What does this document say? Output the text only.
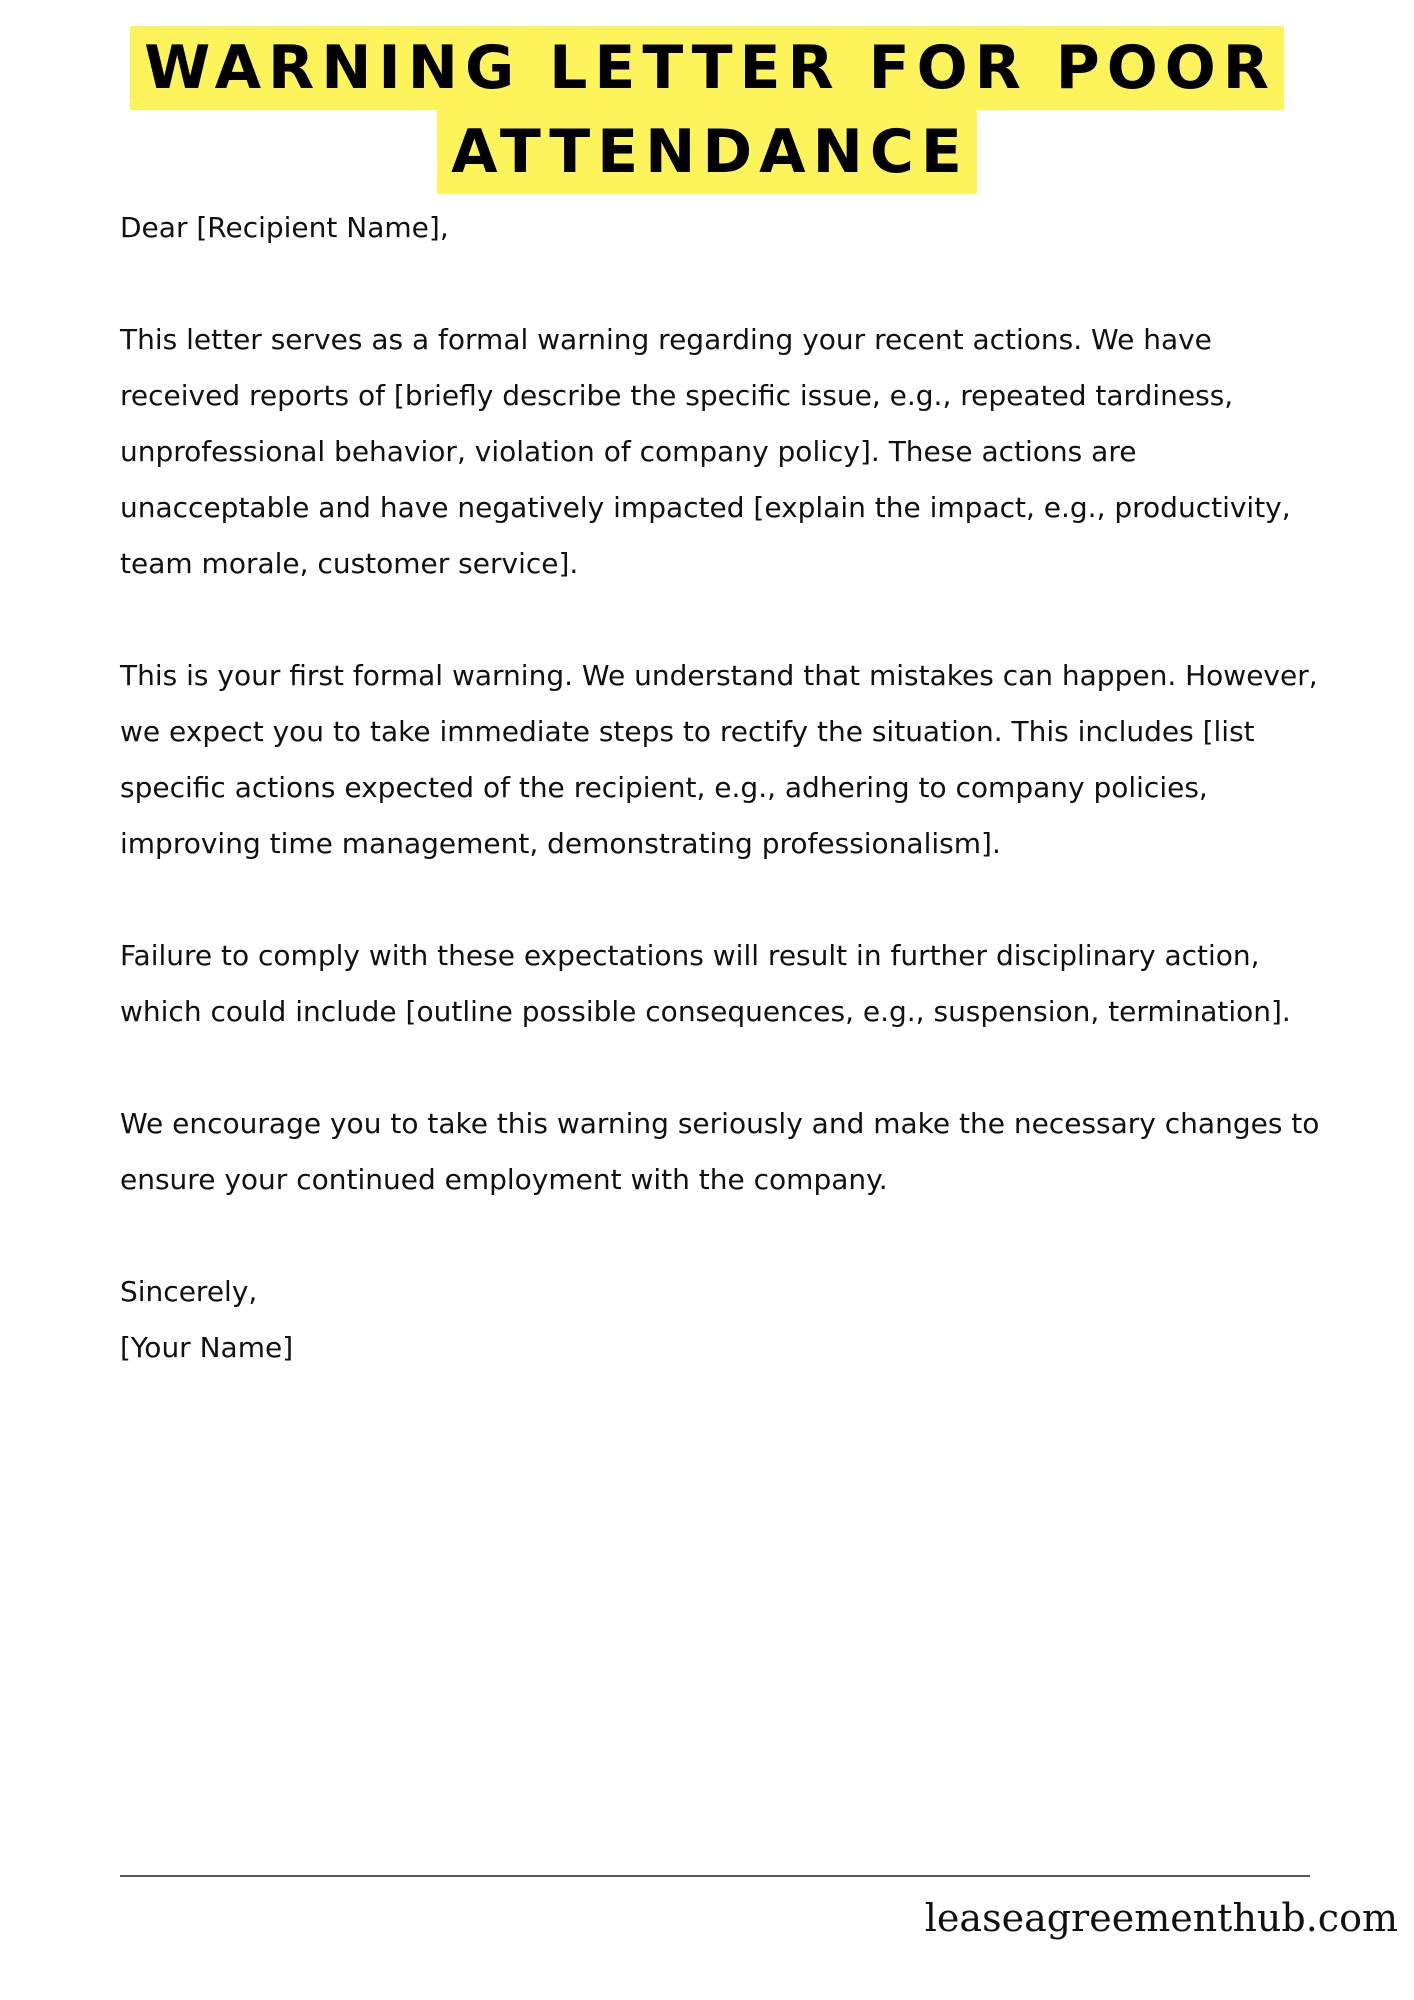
WARNING LETTER FOR POOR
ATTENDANCE

Dear [Recipient Name],

This letter serves as a formal warning regarding your recent actions. We have received reports of [briefly describe the specific issue, e.g., repeated tardiness, unprofessional behavior, violation of company policy]. These actions are unacceptable and have negatively impacted [explain the impact, e.g., productivity, team morale, customer service].

This is your first formal warning. We understand that mistakes can happen. However, we expect you to take immediate steps to rectify the situation. This includes [list specific actions expected of the recipient, e.g., adhering to company policies, improving time management, demonstrating professionalism].

Failure to comply with these expectations will result in further disciplinary action, which could include [outline possible consequences, e.g., suspension, termination].

We encourage you to take this warning seriously and make the necessary changes to ensure your continued employment with the company.

Sincerely,
[Your Name]
leaseagreementhub.com
